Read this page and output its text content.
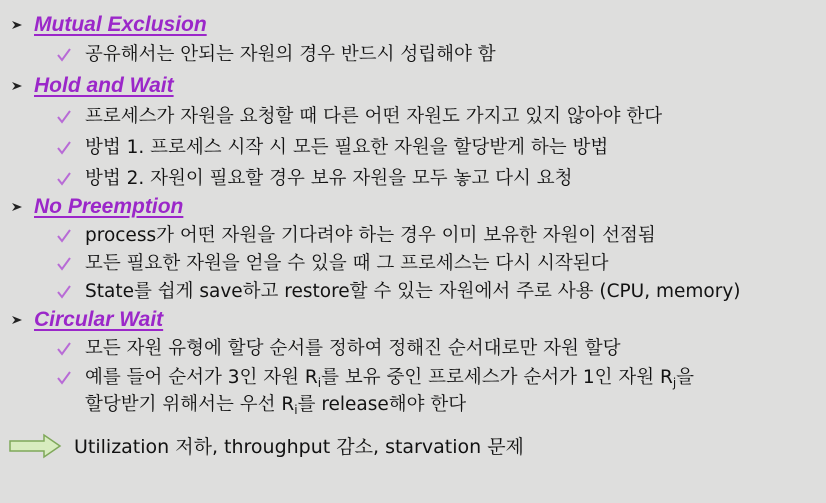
Mutual Exclusion
공유해서는 안되는 자원의 경우 반드시 성립해야 함
Hold and Wait
프로세스가 자원을 요청할 때 다른 어떤 자원도 가지고 있지 않아야 한다
방법 1. 프로세스 시작 시 모든 필요한 자원을 할당받게 하는 방법
방법 2. 자원이 필요할 경우 보유 자원을 모두 놓고 다시 요청
No Preemption
process가 어떤 자원을 기다려야 하는 경우 이미 보유한 자원이 선점됨
모든 필요한 자원을 얻을 수 있을 때 그 프로세스는 다시 시작된다
State를 쉽게 save하고 restore할 수 있는 자원에서 주로 사용 (CPU, memory)
Circular Wait
모든 자원 유형에 할당 순서를 정하여 정해진 순서대로만 자원 할당
예를 들어 순서가 3인 자원 $R_i$를 보유 중인 프로세스가 순서가 1인 자원 $R_j$을
할당받기 위해서는 우선 $R_i$를 release해야 한다
Utilization 저하, throughput 감소, starvation 문제
